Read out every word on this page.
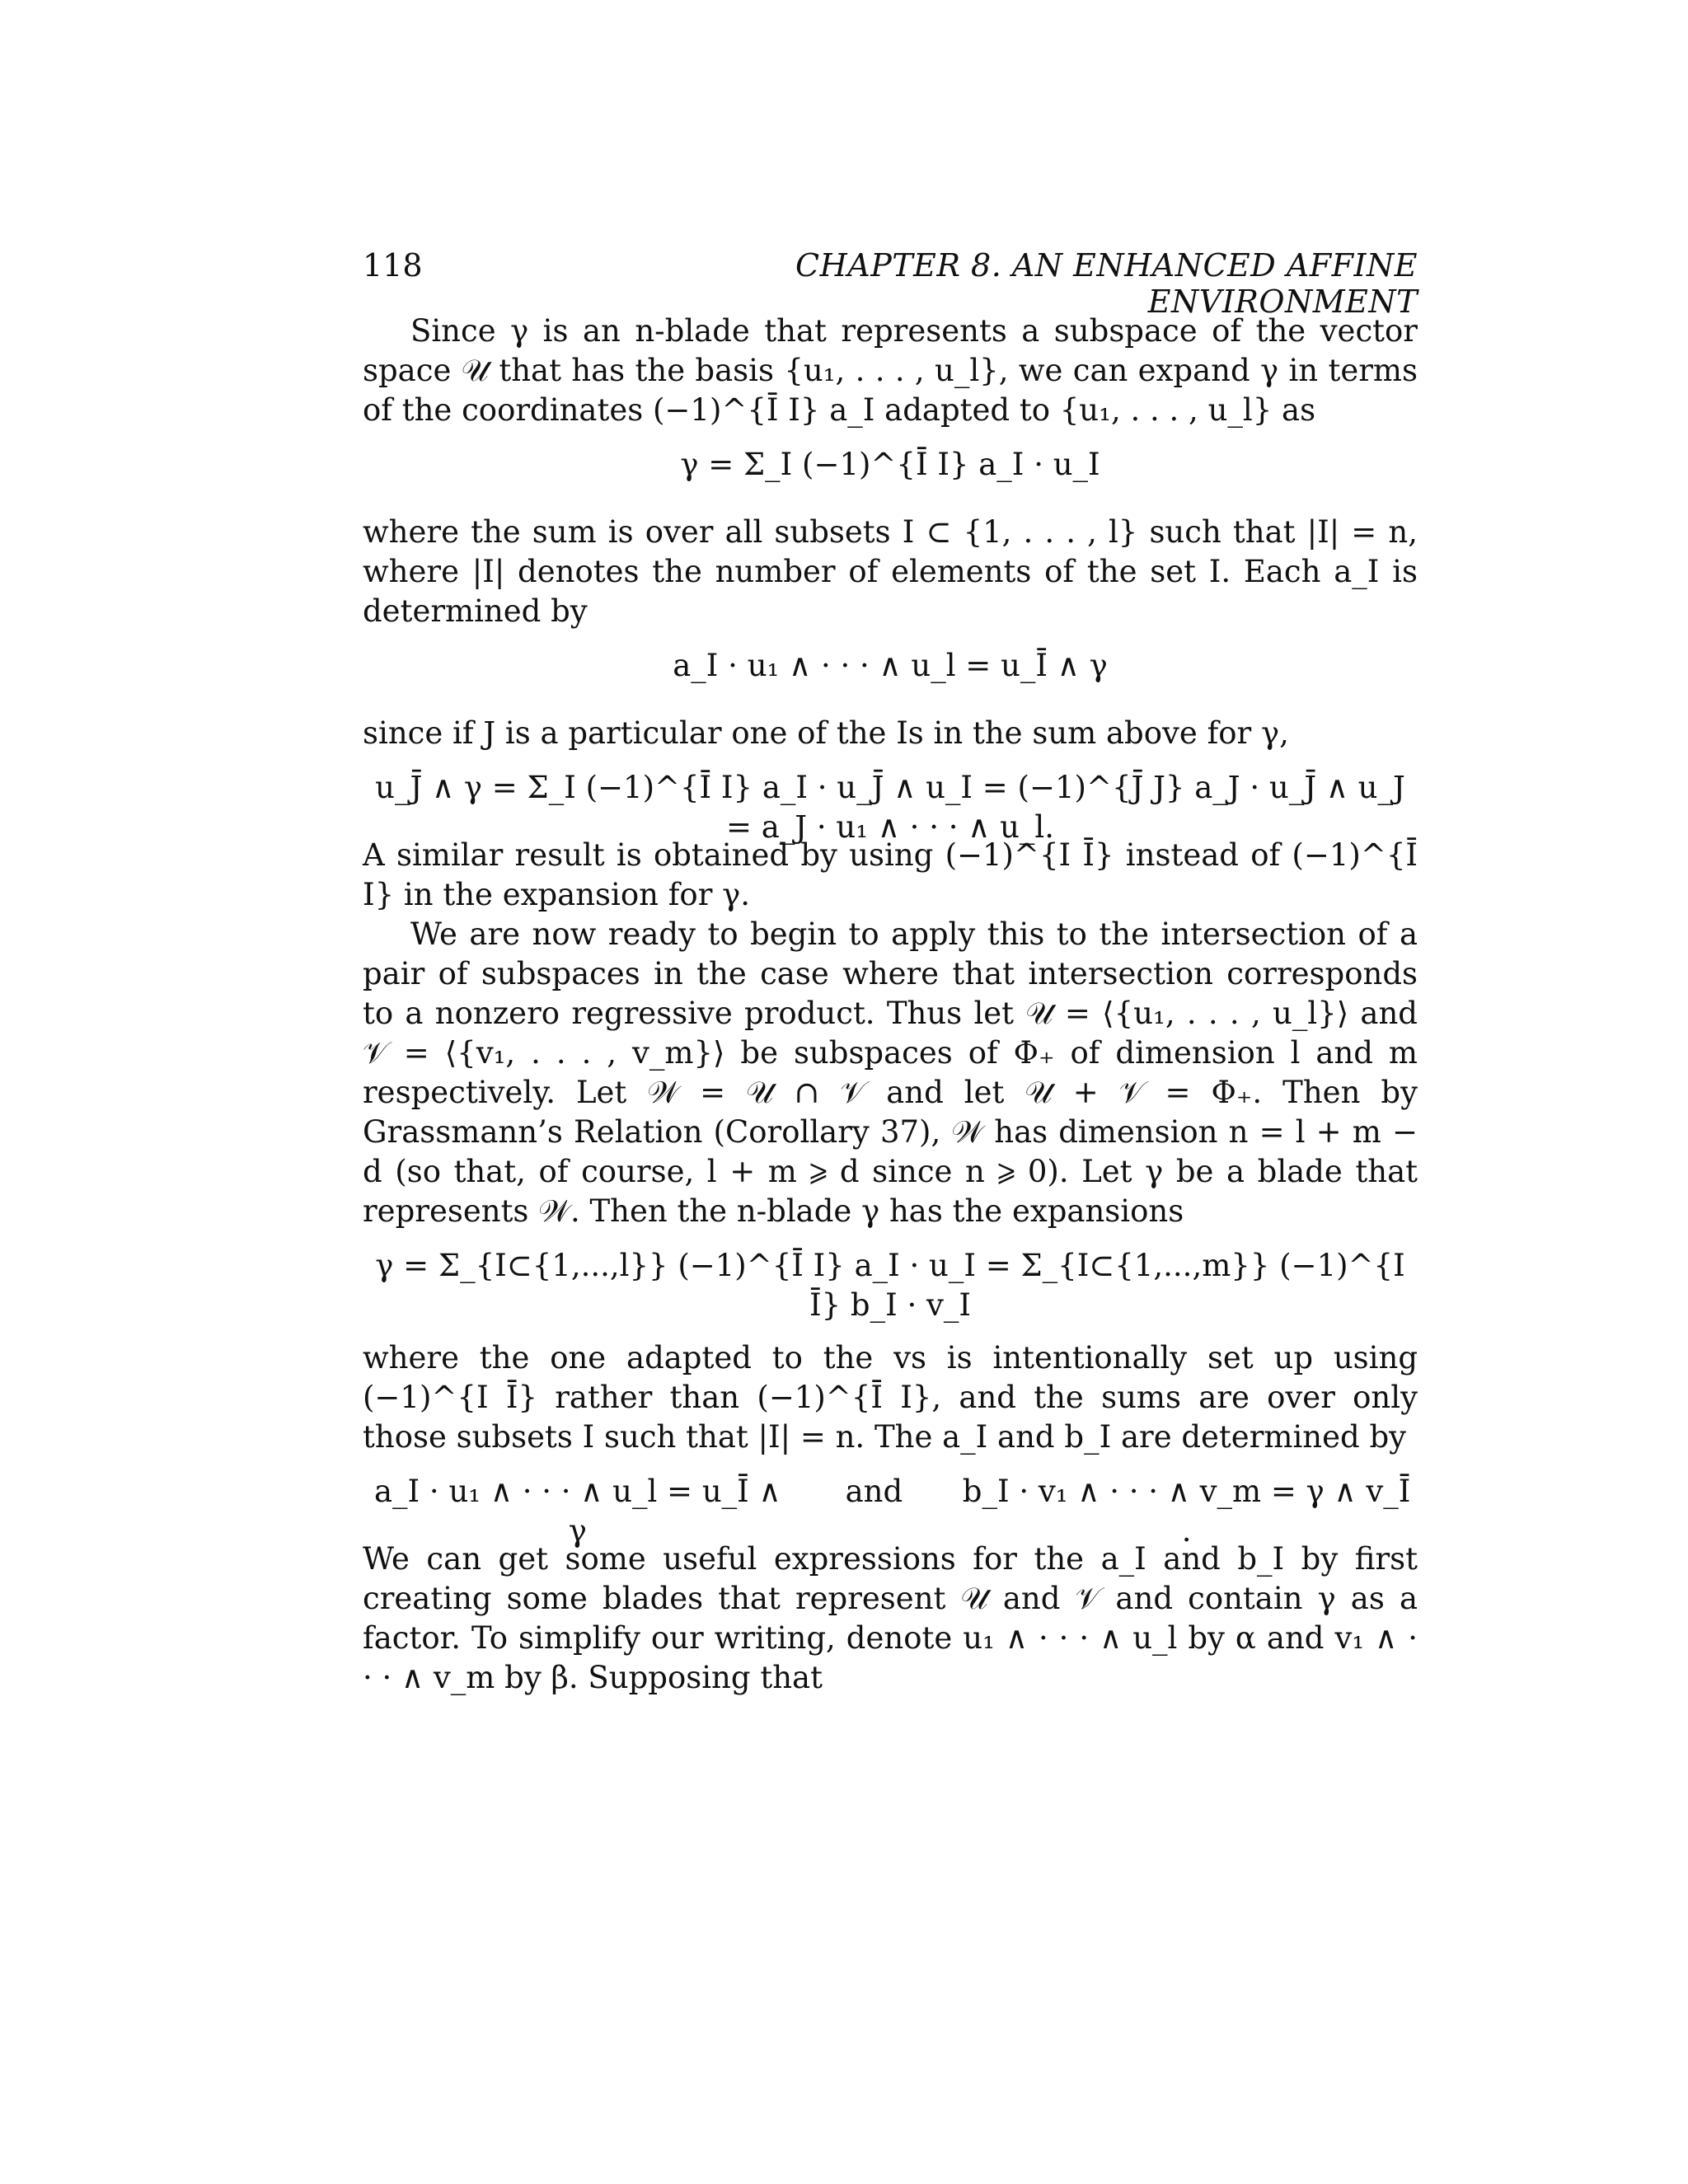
118	CHAPTER 8. AN ENHANCED AFFINE ENVIRONMENT

Since γ is an n-blade that represents a subspace of the vector space 𝒰 that has the basis {u₁, . . . , u_l}, we can expand γ in terms of the coordinates (−1)^{Ī I} a_I adapted to {u₁, . . . , u_l} as

γ = Σ_I (−1)^{Ī I} a_I · u_I

where the sum is over all subsets I ⊂ {1, . . . , l} such that |I| = n, where |I| denotes the number of elements of the set I. Each a_I is determined by

a_I · u₁ ∧ · · · ∧ u_l = u_Ī ∧ γ

since if J is a particular one of the Is in the sum above for γ,

u_J̄ ∧ γ = Σ_I (−1)^{Ī I} a_I · u_J̄ ∧ u_I = (−1)^{J̄ J} a_J · u_J̄ ∧ u_J = a_J · u₁ ∧ · · · ∧ u_l.

A similar result is obtained by using (−1)^{I Ī} instead of (−1)^{Ī I} in the expansion for γ.

We are now ready to begin to apply this to the intersection of a pair of subspaces in the case where that intersection corresponds to a nonzero regressive product. Thus let 𝒰 = ⟨{u₁, . . . , u_l}⟩ and 𝒱 = ⟨{v₁, . . . , v_m}⟩ be subspaces of Φ₊ of dimension l and m respectively. Let 𝒲 = 𝒰 ∩ 𝒱 and let 𝒰 + 𝒱 = Φ₊. Then by Grassmann’s Relation (Corollary 37), 𝒲 has dimension n = l + m − d (so that, of course, l + m ⩾ d since n ⩾ 0). Let γ be a blade that represents 𝒲. Then the n-blade γ has the expansions

γ = Σ_{I⊂{1,...,l}} (−1)^{Ī I} a_I · u_I = Σ_{I⊂{1,...,m}} (−1)^{I Ī} b_I · v_I

where the one adapted to the vs is intentionally set up using (−1)^{I Ī} rather than (−1)^{Ī I}, and the sums are over only those subsets I such that |I| = n. The a_I and b_I are determined by

a_I · u₁ ∧ · · · ∧ u_l = u_Ī ∧ γ
and b_I · v₁ ∧ · · · ∧ v_m = γ ∧ v_Ī .

We can get some useful expressions for the a_I and b_I by first creating some blades that represent 𝒰 and 𝒱 and contain γ as a factor. To simplify our writing, denote u₁ ∧ · · · ∧ u_l by α and v₁ ∧ · · · ∧ v_m by β. Supposing that
